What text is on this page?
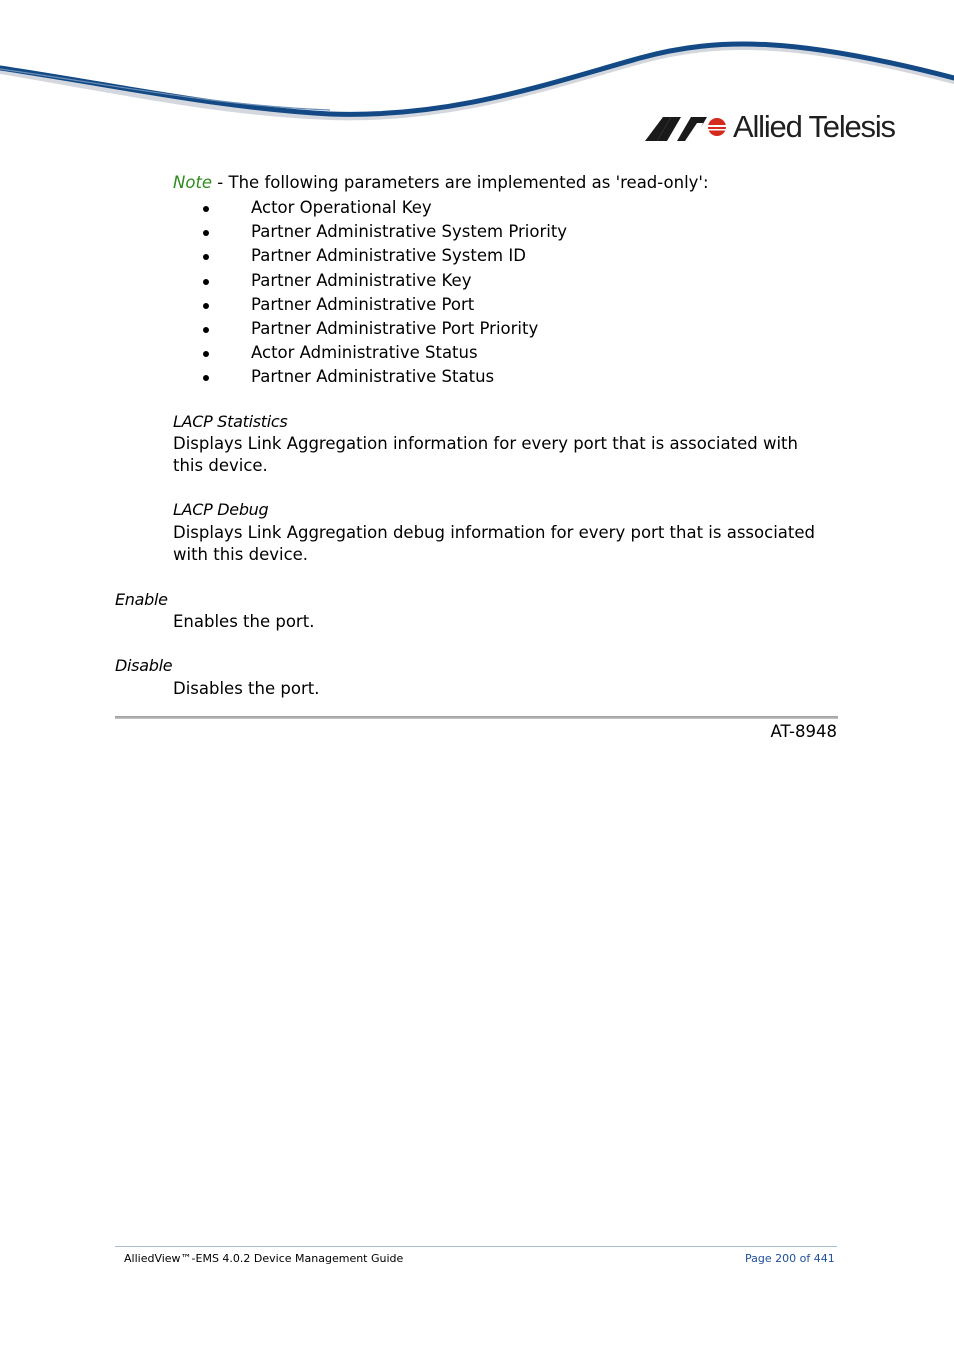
Allied Telesis
Note - The following parameters are implemented as 'read-only':
Actor Operational Key
Partner Administrative System Priority
Partner Administrative System ID
Partner Administrative Key
Partner Administrative Port
Partner Administrative Port Priority
Actor Administrative Status
Partner Administrative Status
LACP Statistics
Displays Link Aggregation information for every port that is associated with this device.
LACP Debug
Displays Link Aggregation debug information for every port that is associated with this device.
Enable
Enables the port.
Disable
Disables the port.
AT-8948
AlliedView™-EMS 4.0.2 Device Management Guide	Page 200 of 441
